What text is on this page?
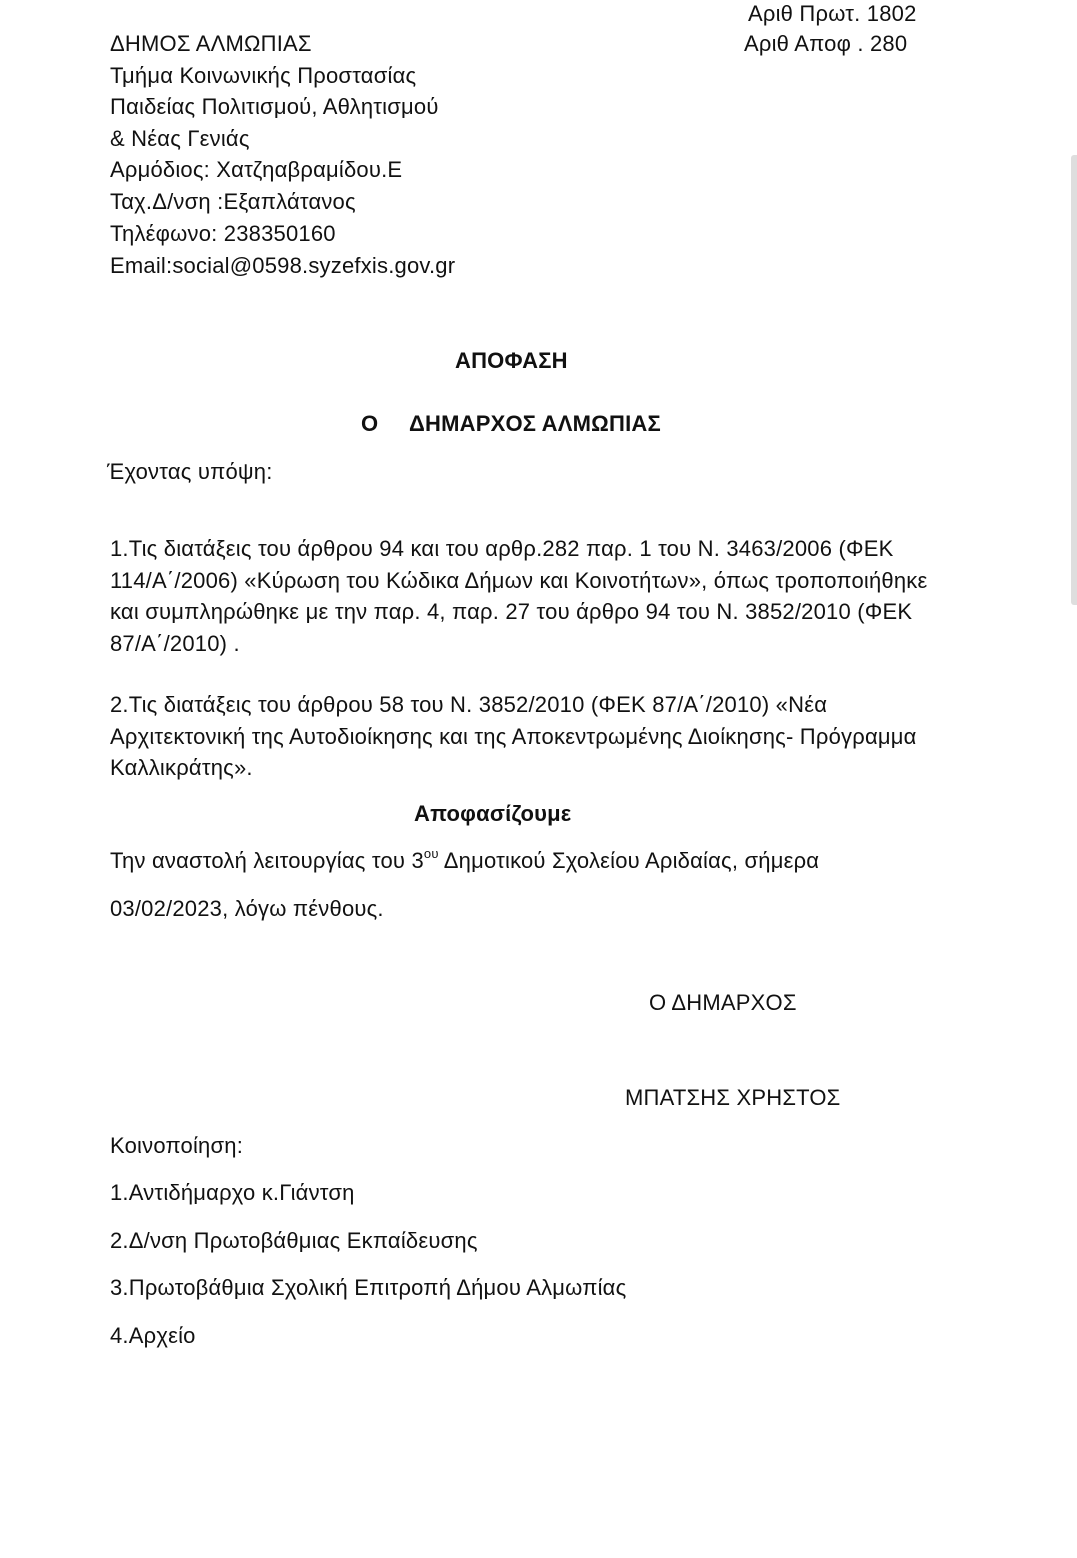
Αριθ Πρωτ. 1802
Αριθ Αποφ . 280
ΔΗΜΟΣ ΑΛΜΩΠΙΑΣ
Τμήμα Κοινωνικής Προστασίας
Παιδείας Πολιτισμού, Αθλητισμού
& Νέας Γενιάς
Αρμόδιος: Χατζηαβραμίδου.Ε
Ταχ.Δ/νση :Εξαπλάτανος
Τηλέφωνο: 238350160
Email:social@0598.syzefxis.gov.gr
ΑΠΟΦΑΣΗ
Ο ΔΗΜΑΡΧΟΣ ΑΛΜΩΠΙΑΣ
Έχοντας υπόψη:
1.Τις διατάξεις του άρθρου 94 και του αρθρ.282 παρ. 1 του Ν. 3463/2006 (ΦΕΚ
114/Α΄/2006) «Κύρωση του Κώδικα Δήμων και Κοινοτήτων», όπως τροποποιήθηκε
και συμπληρώθηκε με την παρ. 4, παρ. 27 του άρθρο 94 του Ν. 3852/2010 (ΦΕΚ
87/Α΄/2010) .
2.Τις διατάξεις του άρθρου 58 του Ν. 3852/2010 (ΦΕΚ 87/Α΄/2010) «Νέα
Αρχιτεκτονική της Αυτοδιοίκησης και της Αποκεντρωμένης Διοίκησης- Πρόγραμμα
Καλλικράτης».
Αποφασίζουμε
Την αναστολή λειτουργίας του $3^{o\upsilon}$ Δημοτικού Σχολείου Αριδαίας, σήμερα
03/02/2023, λόγω πένθους.
Ο ΔΗΜΑΡΧΟΣ
ΜΠΑΤΣΗΣ ΧΡΗΣΤΟΣ
Κοινοποίηση:
1.Αντιδήμαρχο κ.Γιάντση
2.Δ/νση Πρωτοβάθμιας Εκπαίδευσης
3.Πρωτοβάθμια Σχολική Επιτροπή Δήμου Αλμωπίας
4.Αρχείο
